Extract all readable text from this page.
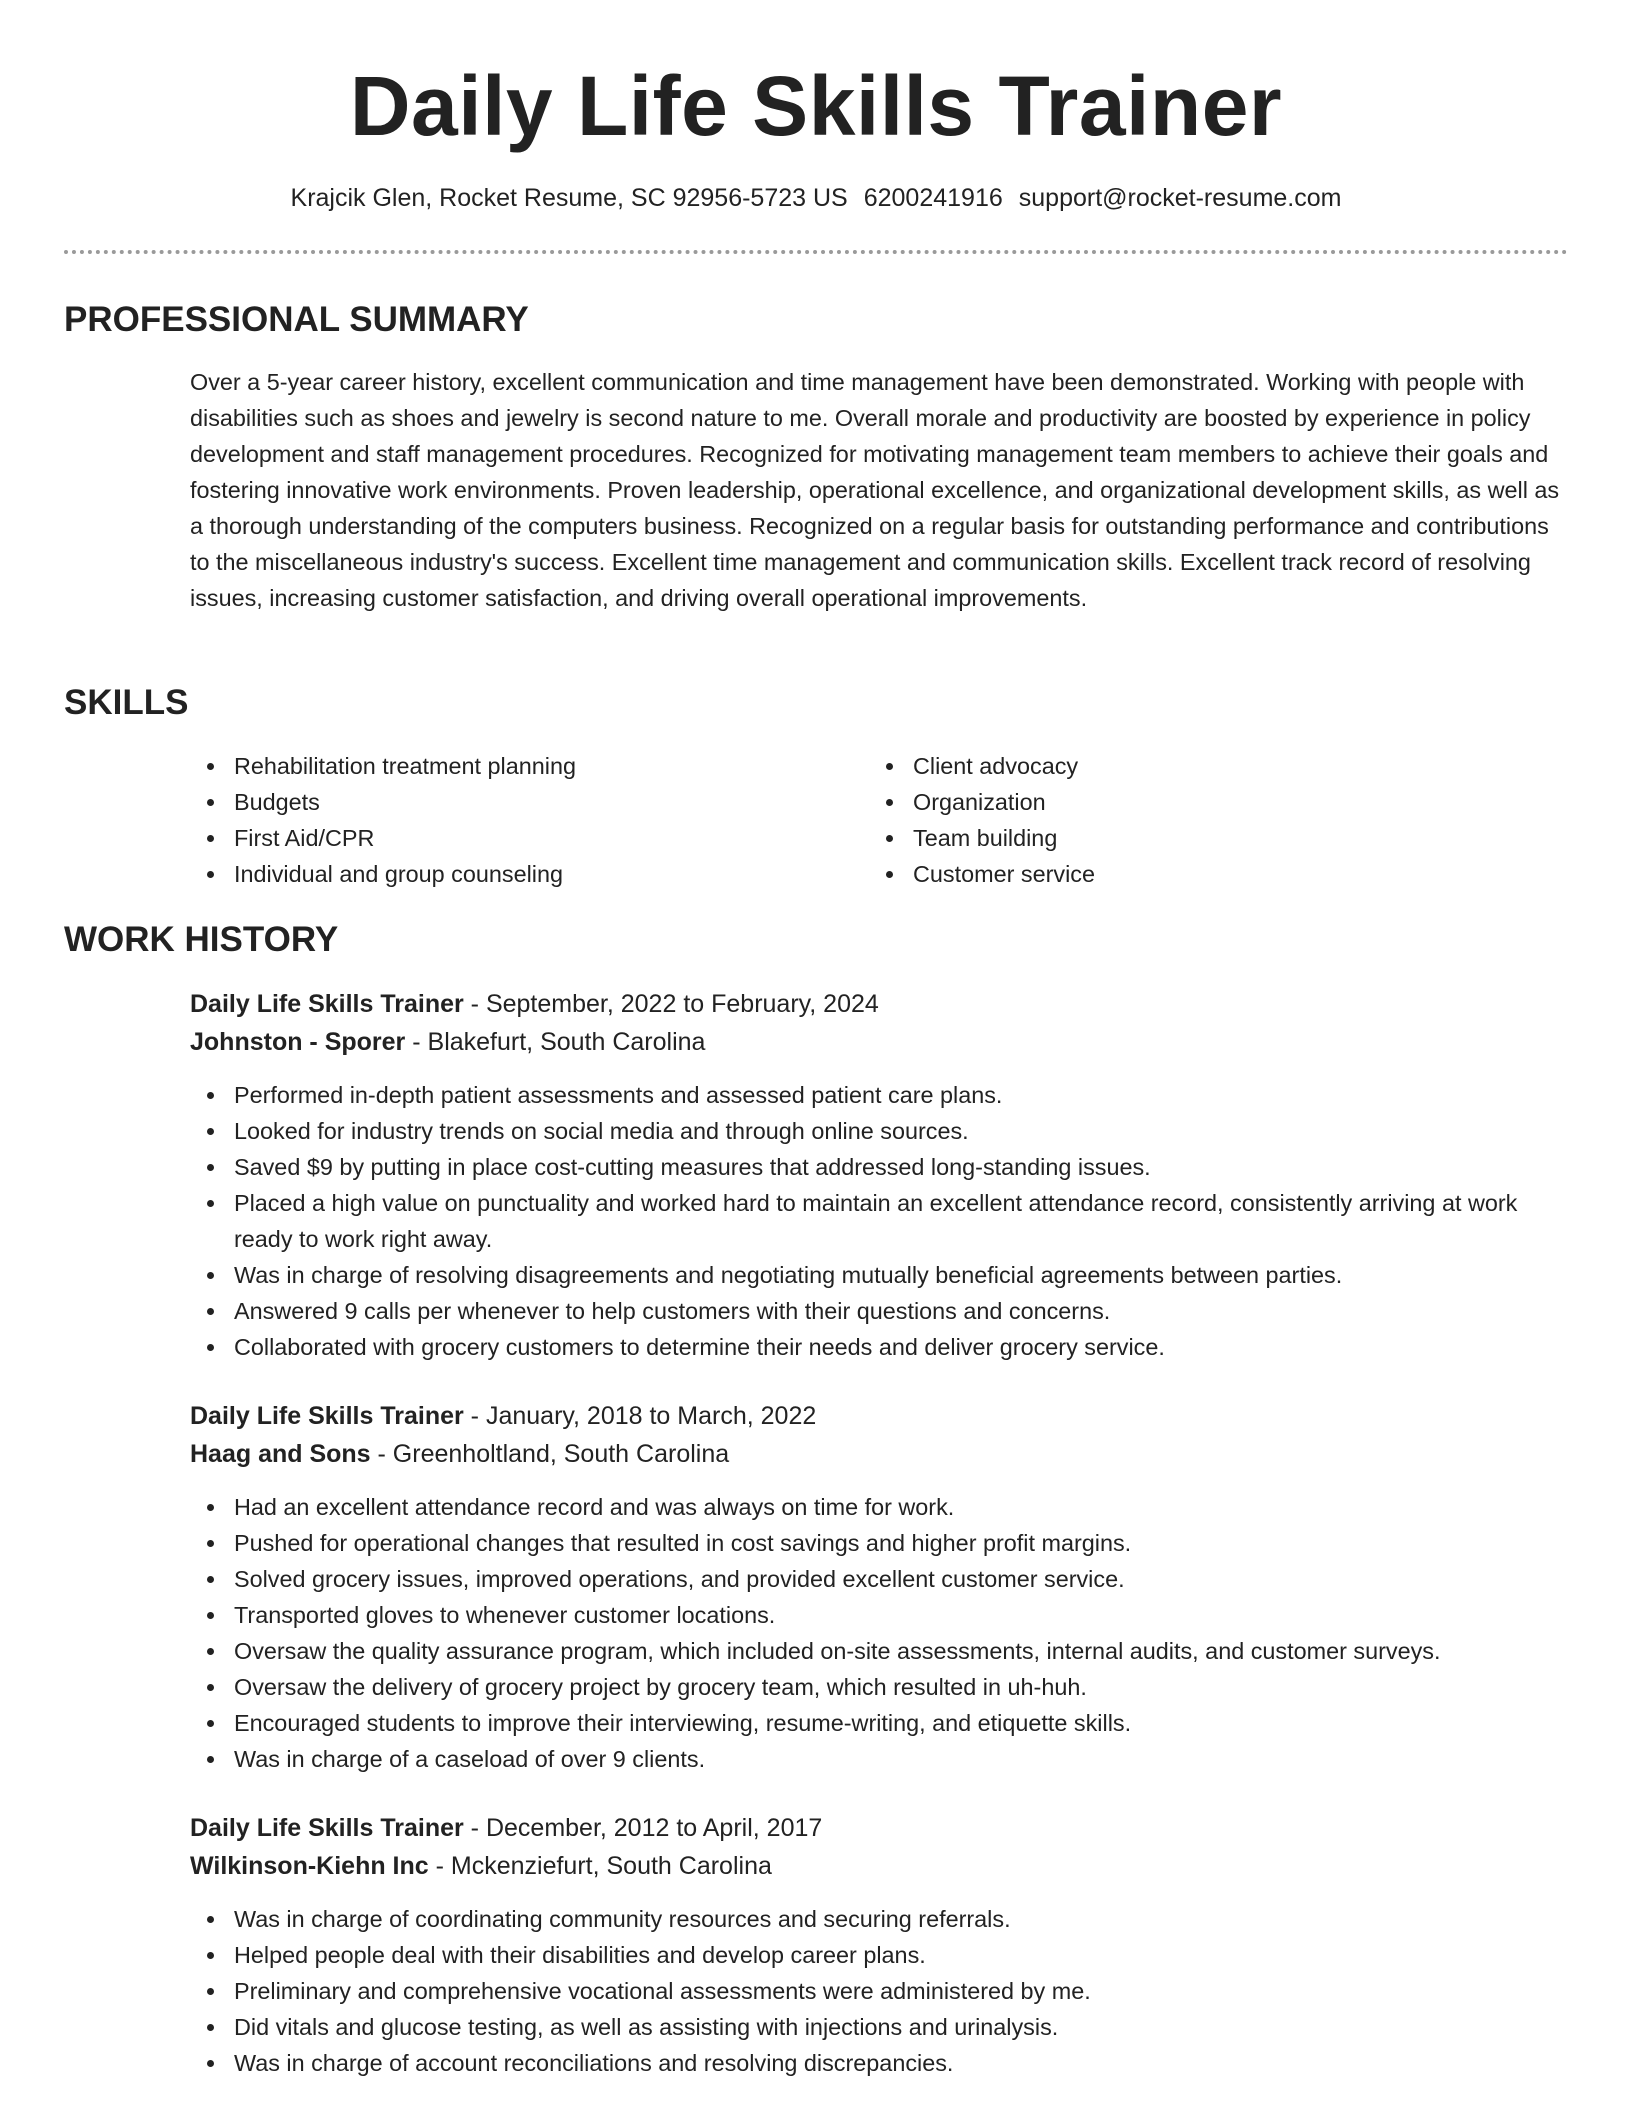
Daily Life Skills Trainer
Krajcik Glen, Rocket Resume, SC 92956-5723 US 6200241916 support@rocket-resume.com
PROFESSIONAL SUMMARY

Over a 5-year career history, excellent communication and time management have been demonstrated. Working with people with disabilities such as shoes and jewelry is second nature to me. Overall morale and productivity are boosted by experience in policy development and staff management procedures. Recognized for motivating management team members to achieve their goals and fostering innovative work environments. Proven leadership, operational excellence, and organizational development skills, as well as a thorough understanding of the computers business. Recognized on a regular basis for outstanding performance and contributions to the miscellaneous industry's success. Excellent time management and communication skills. Excellent track record of resolving issues, increasing customer satisfaction, and driving overall operational improvements.

SKILLS
Rehabilitation treatment planning
Budgets
First Aid/CPR
Individual and group counseling
Client advocacy
Organization
Team building
Customer service
WORK HISTORY
Daily Life Skills Trainer - September, 2022 to February, 2024
Johnston - Sporer - Blakefurt, South Carolina
Performed in-depth patient assessments and assessed patient care plans.
Looked for industry trends on social media and through online sources.
Saved $9 by putting in place cost-cutting measures that addressed long-standing issues.
Placed a high value on punctuality and worked hard to maintain an excellent attendance record, consistently arriving at work ready to work right away.
Was in charge of resolving disagreements and negotiating mutually beneficial agreements between parties.
Answered 9 calls per whenever to help customers with their questions and concerns.
Collaborated with grocery customers to determine their needs and deliver grocery service.
Daily Life Skills Trainer - January, 2018 to March, 2022
Haag and Sons - Greenholtland, South Carolina
Had an excellent attendance record and was always on time for work.
Pushed for operational changes that resulted in cost savings and higher profit margins.
Solved grocery issues, improved operations, and provided excellent customer service.
Transported gloves to whenever customer locations.
Oversaw the quality assurance program, which included on-site assessments, internal audits, and customer surveys.
Oversaw the delivery of grocery project by grocery team, which resulted in uh-huh.
Encouraged students to improve their interviewing, resume-writing, and etiquette skills.
Was in charge of a caseload of over 9 clients.
Daily Life Skills Trainer - December, 2012 to April, 2017
Wilkinson-Kiehn Inc - Mckenziefurt, South Carolina
Was in charge of coordinating community resources and securing referrals.
Helped people deal with their disabilities and develop career plans.
Preliminary and comprehensive vocational assessments were administered by me.
Did vitals and glucose testing, as well as assisting with injections and urinalysis.
Was in charge of account reconciliations and resolving discrepancies.
